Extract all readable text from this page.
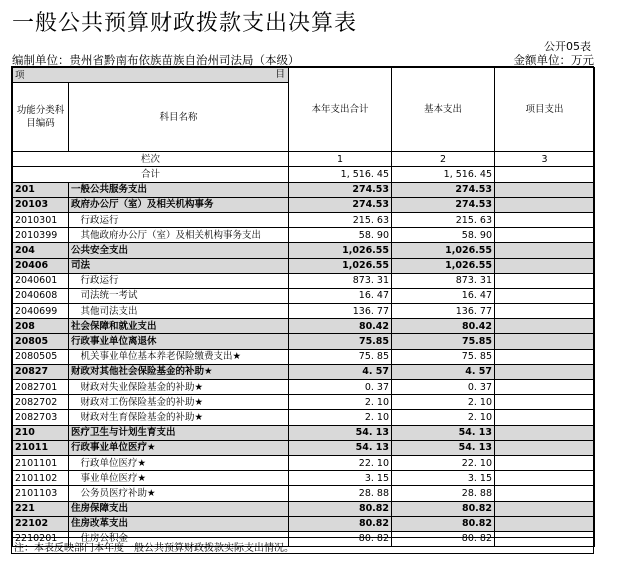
一般公共预算财政拨款支出决算表
公开05表
编制单位：贵州省黔南布依族苗族自治州司法局（本级）	金额单位：万元
项 目		本年支出合计	基本支出	项目支出
功能分类科目编码	科目名称			
栏次		1	2	3
合计		1, 516. 45	1, 516. 45	
201	一般公共服务支出	274.53	274.53	
20103	政府办公厅（室）及相关机构事务	274.53	274.53	
2010301	　行政运行	215. 63	215. 63	
2010399	　其他政府办公厅（室）及相关机构事务支出	58. 90	58. 90	
204	公共安全支出	1,026.55	1,026.55	
20406	司法	1,026.55	1,026.55	
2040601	　行政运行	873. 31	873. 31	
2040608	　司法统一考试	16. 47	16. 47	
2040699	　其他司法支出	136. 77	136. 77	
208	社会保障和就业支出	80.42	80.42	
20805	行政事业单位离退休	75.85	75.85	
2080505	　机关事业单位基本养老保险缴费支出★	75. 85	75. 85	
20827	财政对其他社会保险基金的补助★	4. 57	4. 57	
2082701	　财政对失业保险基金的补助★	0. 37	0. 37	
2082702	　财政对工伤保险基金的补助★	2. 10	2. 10	
2082703	　财政对生育保险基金的补助★	2. 10	2. 10	
210	医疗卫生与计划生育支出	54. 13	54. 13	
21011	行政事业单位医疗★	54. 13	54. 13	
2101101	　行政单位医疗★	22. 10	22. 10	
2101102	　事业单位医疗★	3. 15	3. 15	
2101103	　公务员医疗补助★	28. 88	28. 88	
221	住房保障支出	80.82	80.82	
22102	住房改革支出	80.82	80.82	
2210201	　住房公积金	80. 82	80. 82	
注：本表反映部门本年度一般公共预算财政拨款实际支出情况。
